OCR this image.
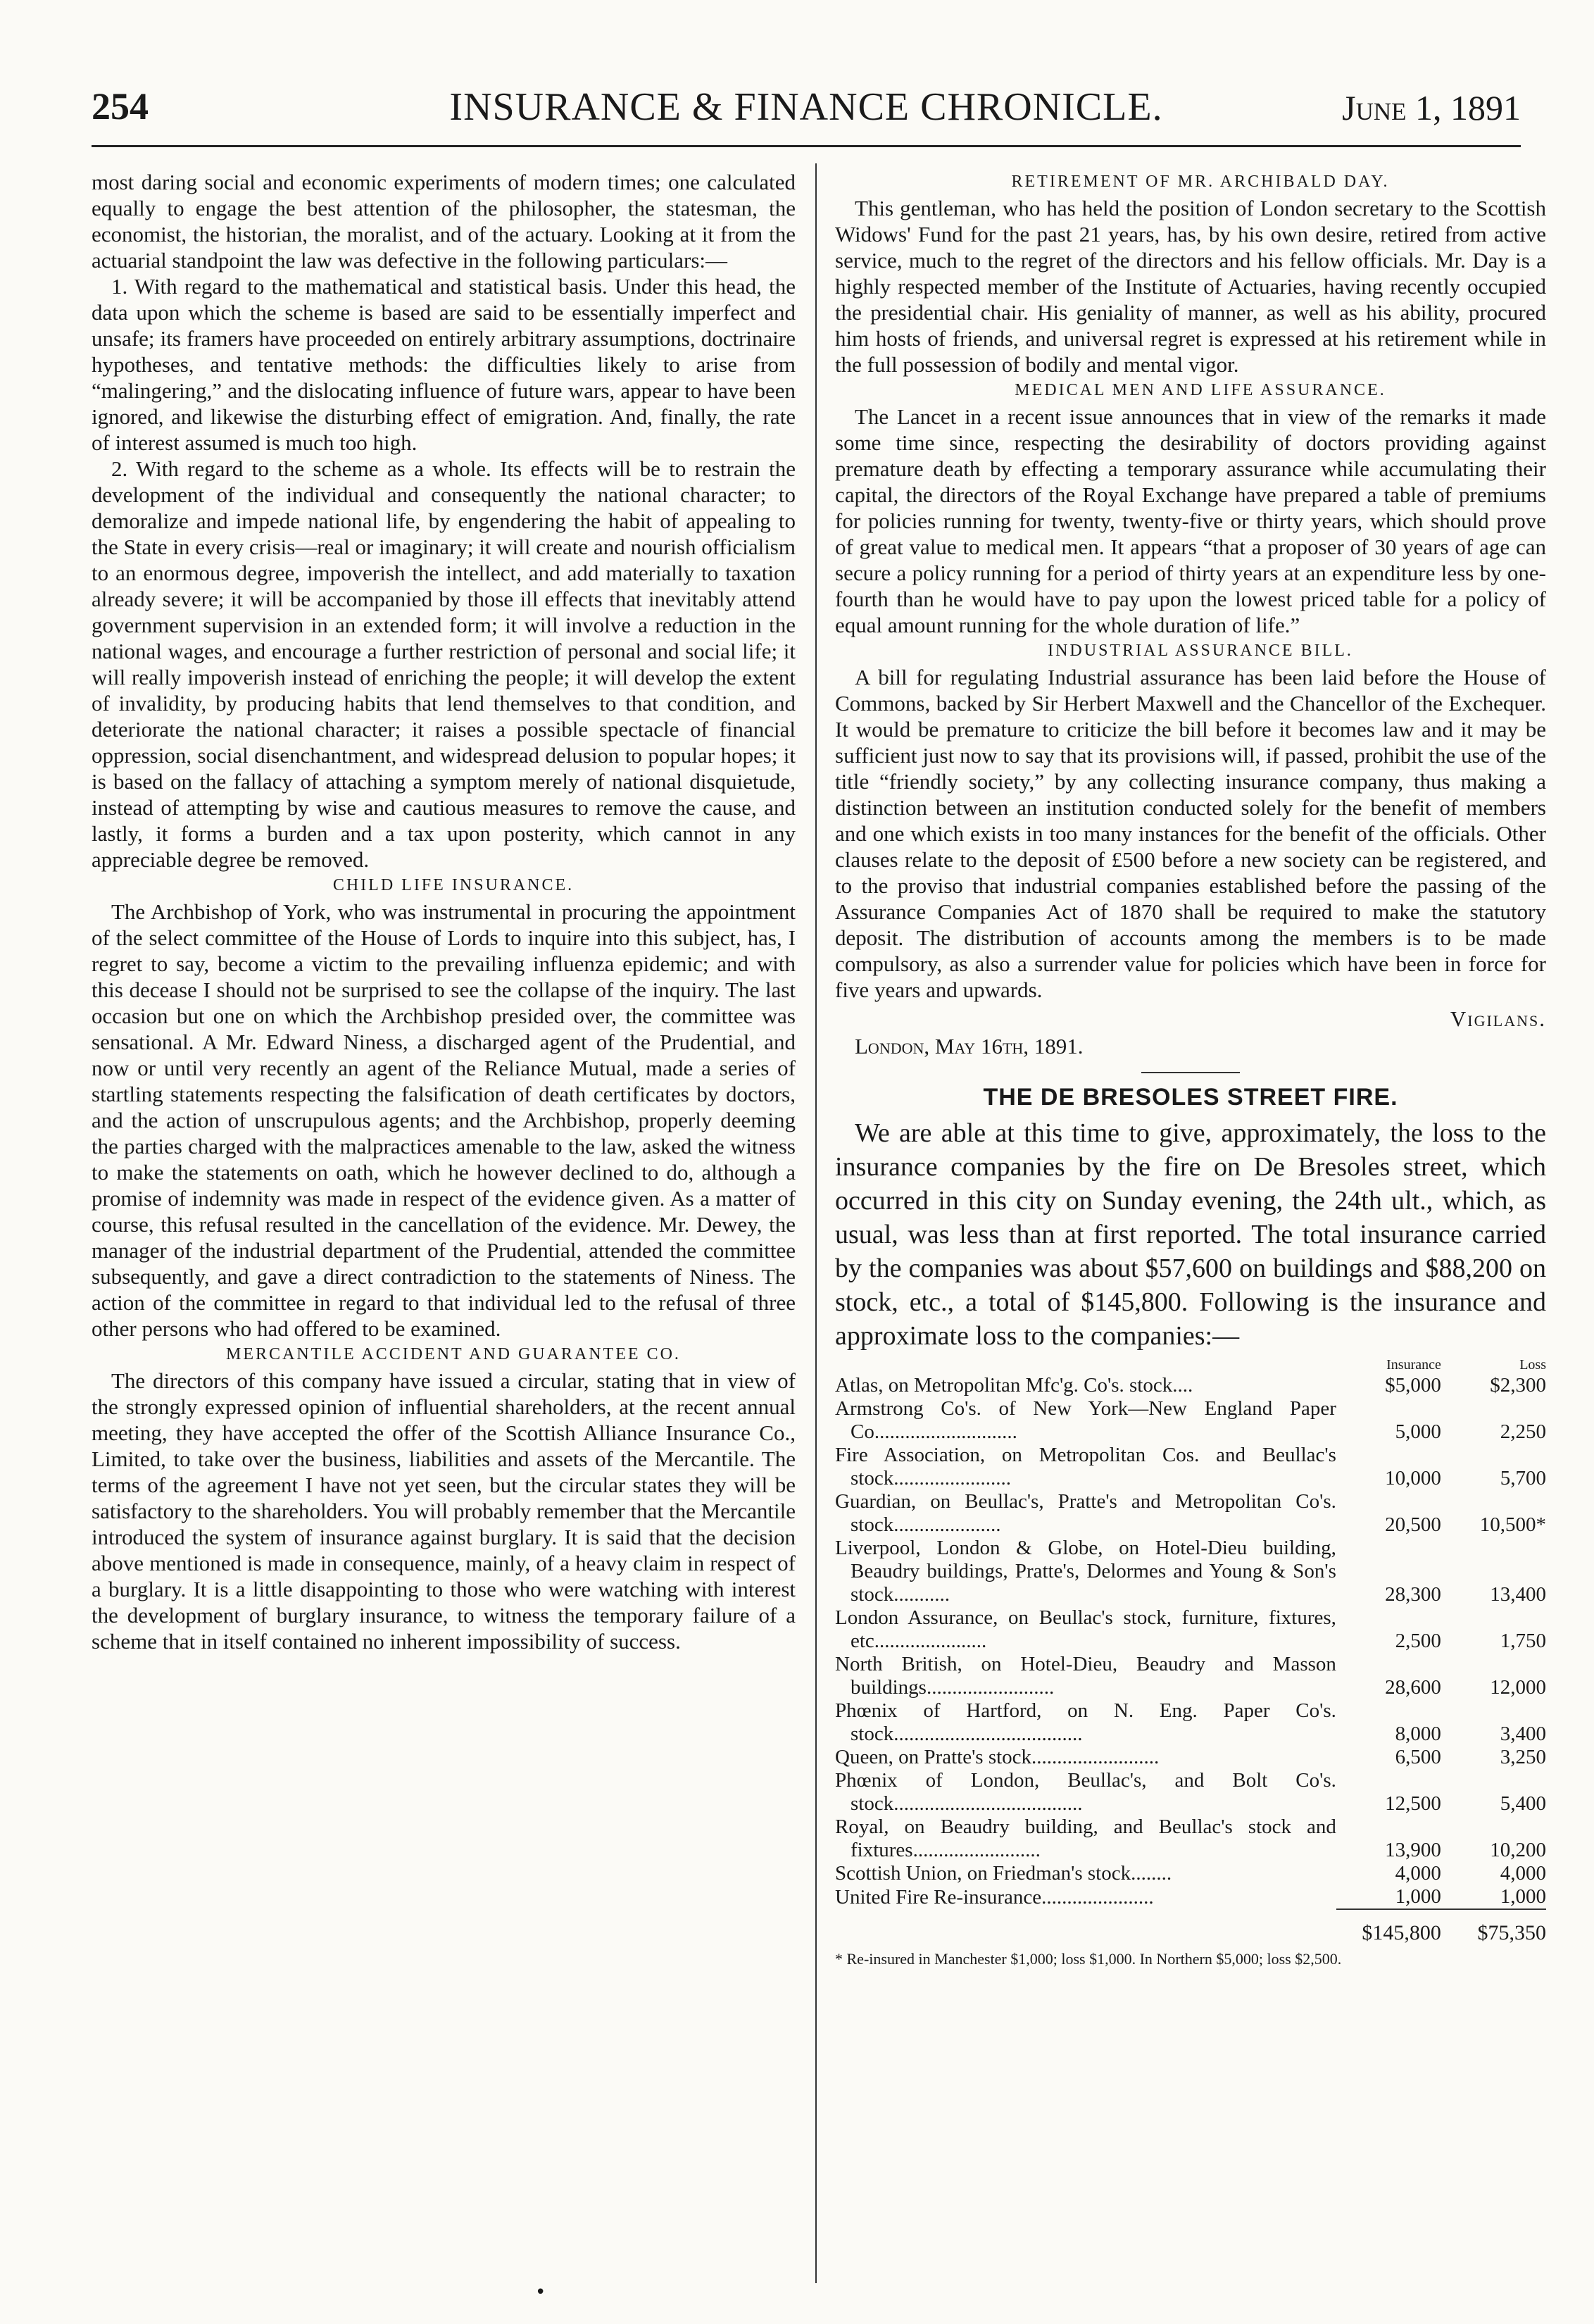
254	INSURANCE & FINANCE CHRONICLE.	June 1, 1891

most daring social and economic experiments of modern times; one calculated equally to engage the best attention of the philosopher, the statesman, the economist, the historian, the moralist, and of the actuary. Looking at it from the actuarial standpoint the law was defective in the following particulars:—

1. With regard to the mathematical and statistical basis. Under this head, the data upon which the scheme is based are said to be essentially imperfect and unsafe; its framers have proceeded on entirely arbitrary assumptions, doctrinaire hypotheses, and tentative methods: the difficulties likely to arise from “malingering,” and the dislocating influence of future wars, appear to have been ignored, and likewise the disturbing effect of emigration. And, finally, the rate of interest assumed is much too high.

2. With regard to the scheme as a whole. Its effects will be to restrain the development of the individual and consequently the national character; to demoralize and impede national life, by engendering the habit of appealing to the State in every crisis—real or imaginary; it will create and nourish officialism to an enormous degree, impoverish the intellect, and add materially to taxation already severe; it will be accompanied by those ill effects that inevitably attend government supervision in an extended form; it will involve a reduction in the national wages, and encourage a further restriction of personal and social life; it will really impoverish instead of enriching the people; it will develop the extent of invalidity, by producing habits that lend themselves to that condition, and deteriorate the national character; it raises a possible spectacle of financial oppression, social disenchantment, and widespread delusion to popular hopes; it is based on the fallacy of attaching a symptom merely of national disquietude, instead of attempting by wise and cautious measures to remove the cause, and lastly, it forms a burden and a tax upon posterity, which cannot in any appreciable degree be removed.

CHILD LIFE INSURANCE.

The Archbishop of York, who was instrumental in procuring the appointment of the select committee of the House of Lords to inquire into this subject, has, I regret to say, become a victim to the prevailing influenza epidemic; and with this decease I should not be surprised to see the collapse of the inquiry. The last occasion but one on which the Archbishop presided over, the committee was sensational. A Mr. Edward Niness, a discharged agent of the Prudential, and now or until very recently an agent of the Reliance Mutual, made a series of startling statements respecting the falsification of death certificates by doctors, and the action of unscrupulous agents; and the Archbishop, properly deeming the parties charged with the malpractices amenable to the law, asked the witness to make the statements on oath, which he however declined to do, although a promise of indemnity was made in respect of the evidence given. As a matter of course, this refusal resulted in the cancellation of the evidence. Mr. Dewey, the manager of the industrial department of the Prudential, attended the committee subsequently, and gave a direct contradiction to the statements of Niness. The action of the committee in regard to that individual led to the refusal of three other persons who had offered to be examined.

MERCANTILE ACCIDENT AND GUARANTEE CO.

The directors of this company have issued a circular, stating that in view of the strongly expressed opinion of influential shareholders, at the recent annual meeting, they have accepted the offer of the Scottish Alliance Insurance Co., Limited, to take over the business, liabilities and assets of the Mercantile. The terms of the agreement I have not yet seen, but the circular states they will be satisfactory to the shareholders. You will probably remember that the Mercantile introduced the system of insurance against burglary. It is said that the decision above mentioned is made in consequence, mainly, of a heavy claim in respect of a burglary. It is a little disappointing to those who were watching with interest the development of burglary insurance, to witness the temporary failure of a scheme that in itself contained no inherent impossibility of success.

RETIREMENT OF MR. ARCHIBALD DAY.

This gentleman, who has held the position of London secretary to the Scottish Widows' Fund for the past 21 years, has, by his own desire, retired from active service, much to the regret of the directors and his fellow officials. Mr. Day is a highly respected member of the Institute of Actuaries, having recently occupied the presidential chair. His geniality of manner, as well as his ability, procured him hosts of friends, and universal regret is expressed at his retirement while in the full possession of bodily and mental vigor.

MEDICAL MEN AND LIFE ASSURANCE.

The Lancet in a recent issue announces that in view of the remarks it made some time since, respecting the desirability of doctors providing against premature death by effecting a temporary assurance while accumulating their capital, the directors of the Royal Exchange have prepared a table of premiums for policies running for twenty, twenty-five or thirty years, which should prove of great value to medical men. It appears “that a proposer of 30 years of age can secure a policy running for a period of thirty years at an expenditure less by one-fourth than he would have to pay upon the lowest priced table for a policy of equal amount running for the whole duration of life.”

INDUSTRIAL ASSURANCE BILL.

A bill for regulating Industrial assurance has been laid before the House of Commons, backed by Sir Herbert Maxwell and the Chancellor of the Exchequer. It would be premature to criticize the bill before it becomes law and it may be sufficient just now to say that its provisions will, if passed, prohibit the use of the title “friendly society,” by any collecting insurance company, thus making a distinction between an institution conducted solely for the benefit of members and one which exists in too many instances for the benefit of the officials. Other clauses relate to the deposit of £500 before a new society can be registered, and to the proviso that industrial companies established before the passing of the Assurance Companies Act of 1870 shall be required to make the statutory deposit. The distribution of accounts among the members is to be made compulsory, as also a surrender value for policies which have been in force for five years and upwards.

Vigilans.
London, May 16th, 1891.
THE DE BRESOLES STREET FIRE.

We are able at this time to give, approximately, the loss to the insurance companies by the fire on De Bresoles street, which occurred in this city on Sunday evening, the 24th ult., which, as usual, was less than at first reported. The total insurance carried by the companies was about $57,600 on buildings and $88,200 on stock, etc., a total of $145,800. Following is the insurance and approximate loss to the companies:—

	Insurance	Loss
Atlas, on Metropolitan Mfc'g. Co's. stock....	$5,000	$2,300
Armstrong Co's. of New York—New England Paper Co............................	5,000	2,250
Fire Association, on Metropolitan Cos. and Beullac's stock.......................	10,000	5,700
Guardian, on Beullac's, Pratte's and Metropolitan Co's. stock.....................	20,500	10,500*
Liverpool, London & Globe, on Hotel-Dieu building, Beaudry buildings, Pratte's, Delormes and Young & Son's stock...........	28,300	13,400
London Assurance, on Beullac's stock, furniture, fixtures, etc......................	2,500	1,750
North British, on Hotel-Dieu, Beaudry and Masson buildings.........................	28,600	12,000
Phœnix of Hartford, on N. Eng. Paper Co's. stock.....................................	8,000	3,400
Queen, on Pratte's stock.........................	6,500	3,250
Phœnix of London, Beullac's, and Bolt Co's. stock.....................................	12,500	5,400
Royal, on Beaudry building, and Beullac's stock and fixtures.........................	13,900	10,200
Scottish Union, on Friedman's stock........	4,000	4,000
United Fire Re-insurance......................	1,000	1,000
	$145,800	$75,350
* Re-insured in Manchester $1,000; loss $1,000. In Northern $5,000; loss $2,500.
•
